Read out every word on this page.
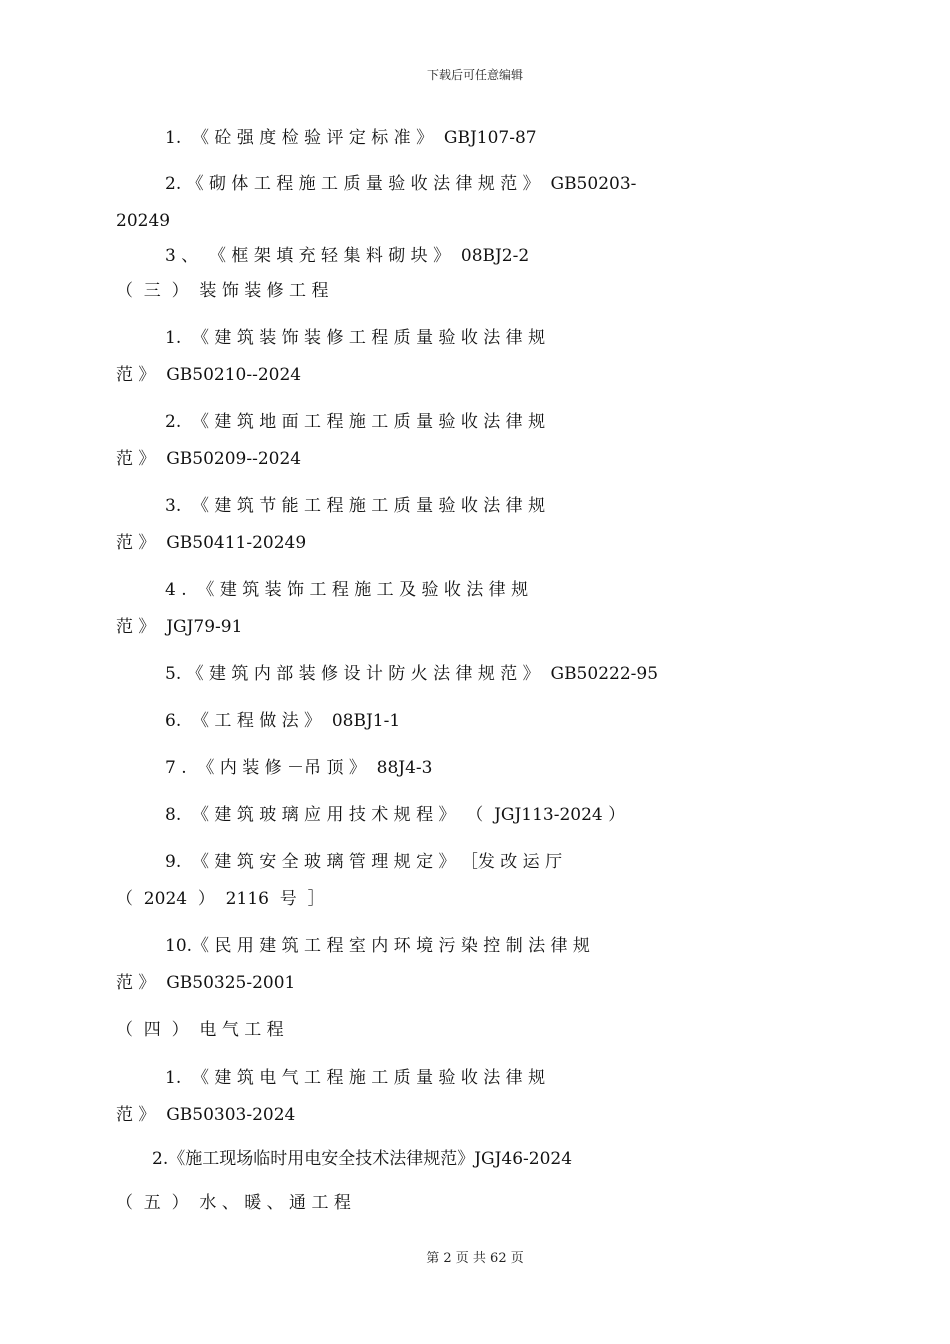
下载后可任意编辑
1.  《 砼 强 度 检 验 评 定 标 准 》  GBJ107-87
2. 《 砌 体 工 程 施 工 质 量 验 收 法 律 规 范 》  GB50203-
20249
3 、  《 框 架 填 充 轻 集 料 砌 块 》  08BJ2-2
（  三  ）  装 饰 装 修 工 程
1.  《 建 筑 装 饰 装 修 工 程 质 量 验 收 法 律 规
范 》  GB50210--2024
2.  《 建 筑 地 面 工 程 施 工 质 量 验 收 法 律 规
范 》  GB50209--2024
3.  《 建 筑 节 能 工 程 施 工 质 量 验 收 法 律 规
范 》  GB50411-20249
4 .  《 建 筑 装 饰 工 程 施 工 及 验 收 法 律 规
范 》  JGJ79-91
5. 《 建 筑 内 部 装 修 设 计 防 火 法 律 规 范 》  GB50222-95
6.  《 工 程 做 法 》  08BJ1-1
7 .  《 内 装 修 －吊 顶 》  88J4-3
8.  《 建 筑 玻 璃 应 用 技 术 规 程 》  （  JGJ113-2024 ）
9.  《 建 筑 安 全 玻 璃 管 理 规 定 》 ［发 改 运 厅
（  2024  ）  2116  号  ］
10.《 民 用 建 筑 工 程 室 内 环 境 污 染 控 制 法 律 规
范 》  GB50325-2001
（  四  ）  电 气 工 程
1.  《 建 筑 电 气 工 程 施 工 质 量 验 收 法 律 规
范 》  GB50303-2024
2.《施工现场临时用电安全技术法律规范》JGJ46-2024
（  五  ）  水 、 暖 、 通 工 程
第 2 页 共 62 页
